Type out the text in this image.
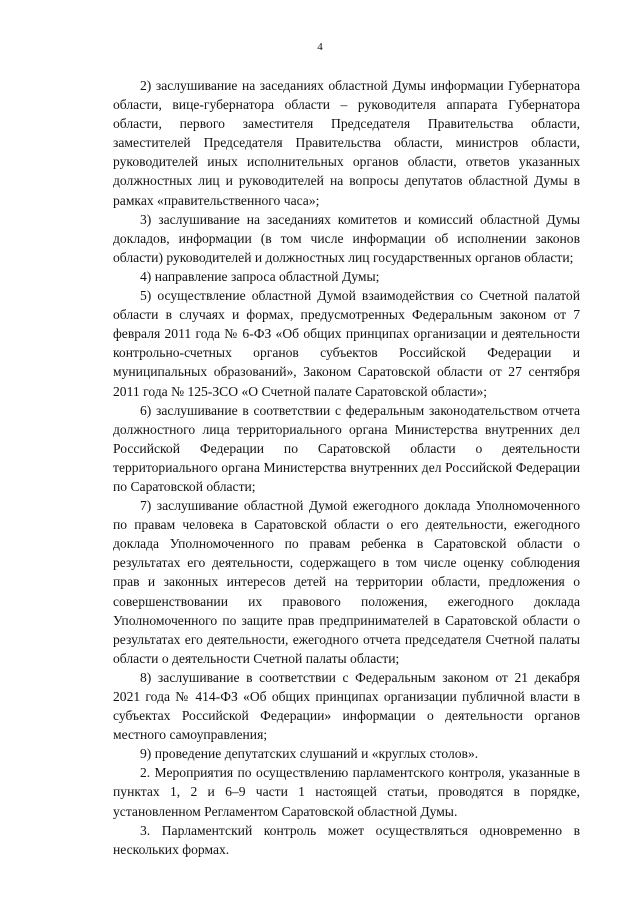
4

2) заслушивание на заседаниях областной Думы информации Губернатора области, вице-губернатора области – руководителя аппарата Губернатора области, первого заместителя Председателя Правительства области, заместителей Председателя Правительства области, министров области, руководителей иных исполнительных органов области, ответов указанных должностных лиц и руководителей на вопросы депутатов областной Думы в рамках «правительственного часа»;

3) заслушивание на заседаниях комитетов и комиссий областной Думы докладов, информации (в том числе информации об исполнении законов области) руководителей и должностных лиц государственных органов области;

4) направление запроса областной Думы;

5) осуществление областной Думой взаимодействия со Счетной палатой области в случаях и формах, предусмотренных Федеральным законом от 7 февраля 2011 года № 6-ФЗ «Об общих принципах организации и деятельности контрольно-счетных органов субъектов Российской Федерации и муниципальных образований», Законом Саратовской области от 27 сентября 2011 года № 125-ЗСО «О Счетной палате Саратовской области»;

6) заслушивание в соответствии с федеральным законодательством отчета должностного лица территориального органа Министерства внутренних дел Российской Федерации по Саратовской области о деятельности территориального органа Министерства внутренних дел Российской Федерации по Саратовской области;

7) заслушивание областной Думой ежегодного доклада Уполномоченного по правам человека в Саратовской области о его деятельности, ежегодного доклада Уполномоченного по правам ребенка в Саратовской области о результатах его деятельности, содержащего в том числе оценку соблюдения прав и законных интересов детей на территории области, предложения о совершенствовании их правового положения, ежегодного доклада Уполномоченного по защите прав предпринимателей в Саратовской области о результатах его деятельности, ежегодного отчета председателя Счетной палаты области о деятельности Счетной палаты области;

8) заслушивание в соответствии с Федеральным законом от 21 декабря 2021 года № 414-ФЗ «Об общих принципах организации публичной власти в субъектах Российской Федерации» информации о деятельности органов местного самоуправления;

9) проведение депутатских слушаний и «круглых столов».

2. Мероприятия по осуществлению парламентского контроля, указанные в пунктах 1, 2 и 6–9 части 1 настоящей статьи, проводятся в порядке, установленном Регламентом Саратовской областной Думы.

3. Парламентский контроль может осуществляться одновременно в нескольких формах.
